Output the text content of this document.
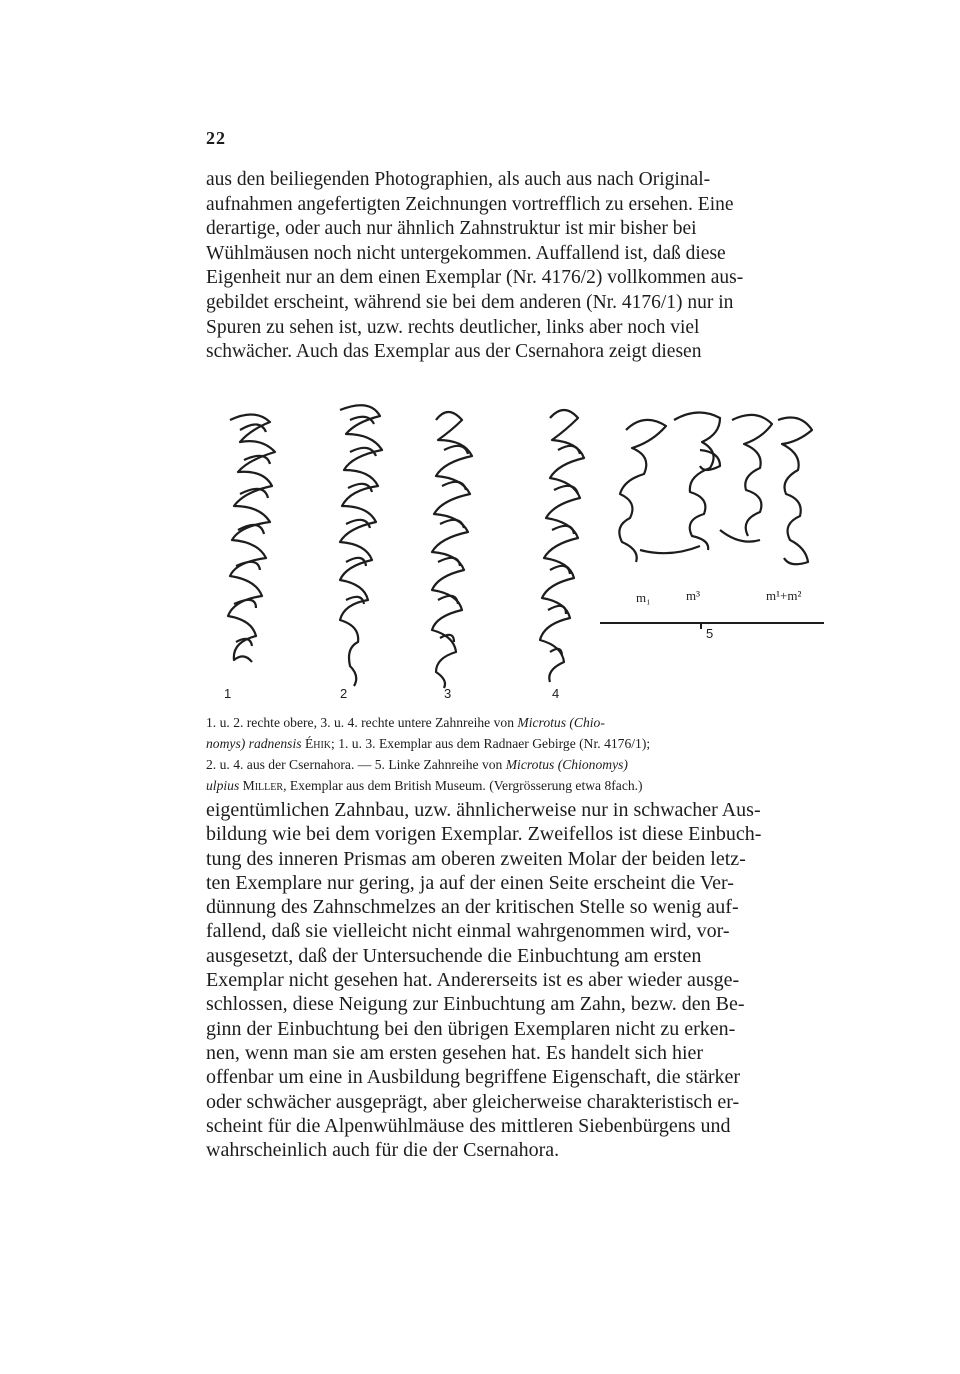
22
aus den beiliegenden Photographien, als auch aus nach Original-
aufnahmen angefertigten Zeichnungen vortrefflich zu ersehen. Eine
derartige, oder auch nur ähnlich Zahnstruktur ist mir bisher bei
Wühlmäusen noch nicht untergekommen. Auffallend ist, daß diese
Eigenheit nur an dem einen Exemplar (Nr. 4176/2) vollkommen aus-
gebildet erscheint, während sie bei dem anderen (Nr. 4176/1) nur in
Spuren zu sehen ist, uzw. rechts deutlicher, links aber noch viel
schwächer. Auch das Exemplar aus der Csernahora zeigt diesen
1	2	3	4
m₁	m³	m¹+m²
5
1. u. 2. rechte obere, 3. u. 4. rechte untere Zahnreihe von Microtus (Chio-
nomys) radnensis Éhik; 1. u. 3. Exemplar aus dem Radnaer Gebirge (Nr. 4176/1);
2. u. 4. aus der Csernahora. — 5. Linke Zahnreihe von Microtus (Chionomys)
ulpius Miller, Exemplar aus dem British Museum. (Vergrösserung etwa 8fach.)
eigentümlichen Zahnbau, uzw. ähnlicherweise nur in schwacher Aus-
bildung wie bei dem vorigen Exemplar. Zweifellos ist diese Einbuch-
tung des inneren Prismas am oberen zweiten Molar der beiden letz-
ten Exemplare nur gering, ja auf der einen Seite erscheint die Ver-
dünnung des Zahnschmelzes an der kritischen Stelle so wenig auf-
fallend, daß sie vielleicht nicht einmal wahrgenommen wird, vor-
ausgesetzt, daß der Untersuchende die Einbuchtung am ersten
Exemplar nicht gesehen hat. Andererseits ist es aber wieder ausge-
schlossen, diese Neigung zur Einbuchtung am Zahn, bezw. den Be-
ginn der Einbuchtung bei den übrigen Exemplaren nicht zu erken-
nen, wenn man sie am ersten gesehen hat. Es handelt sich hier
offenbar um eine in Ausbildung begriffene Eigenschaft, die stärker
oder schwächer ausgeprägt, aber gleicherweise charakteristisch er-
scheint für die Alpenwühlmäuse des mittleren Siebenbürgens und
wahrscheinlich auch für die der Csernahora.
